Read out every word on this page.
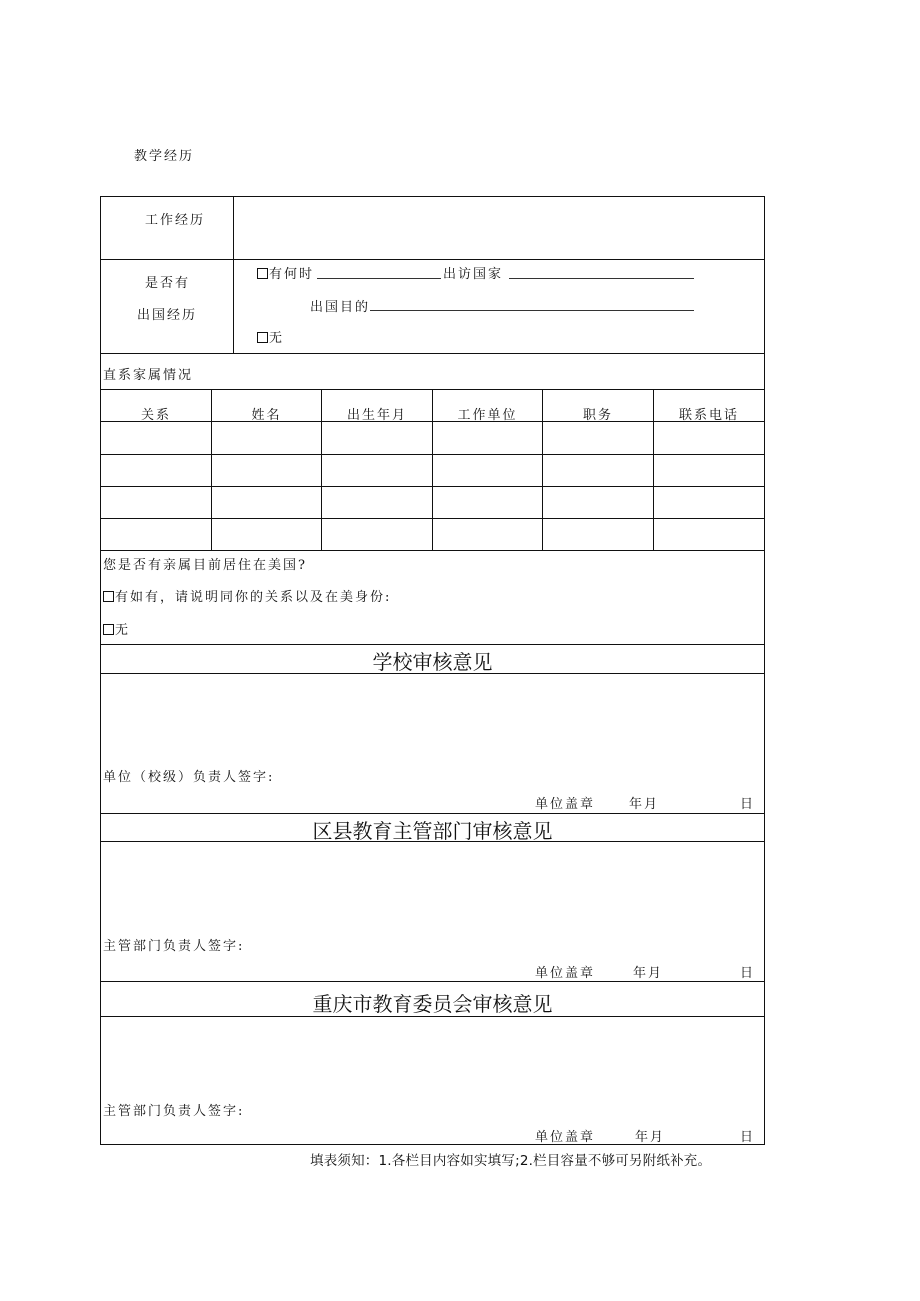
教学经历
工作经历
是否有
出国经历
有何时	出访国家
出国目的
无
直系家属情况
关系	姓名	出生年月	工作单位	职务	联系电话
您是否有亲属目前居住在美国?
有如有，请说明同你的关系以及在美身份:
无
学校审核意见
单位（校级）负责人签字:
单位盖章	年月	日
区县教育主管部门审核意见
主管部门负责人签字:
单位盖章	年月	日
重庆市教育委员会审核意见
主管部门负责人签字:
单位盖章	年月	日
填表须知：1.各栏目内容如实填写;2.栏目容量不够可另附纸补充。
